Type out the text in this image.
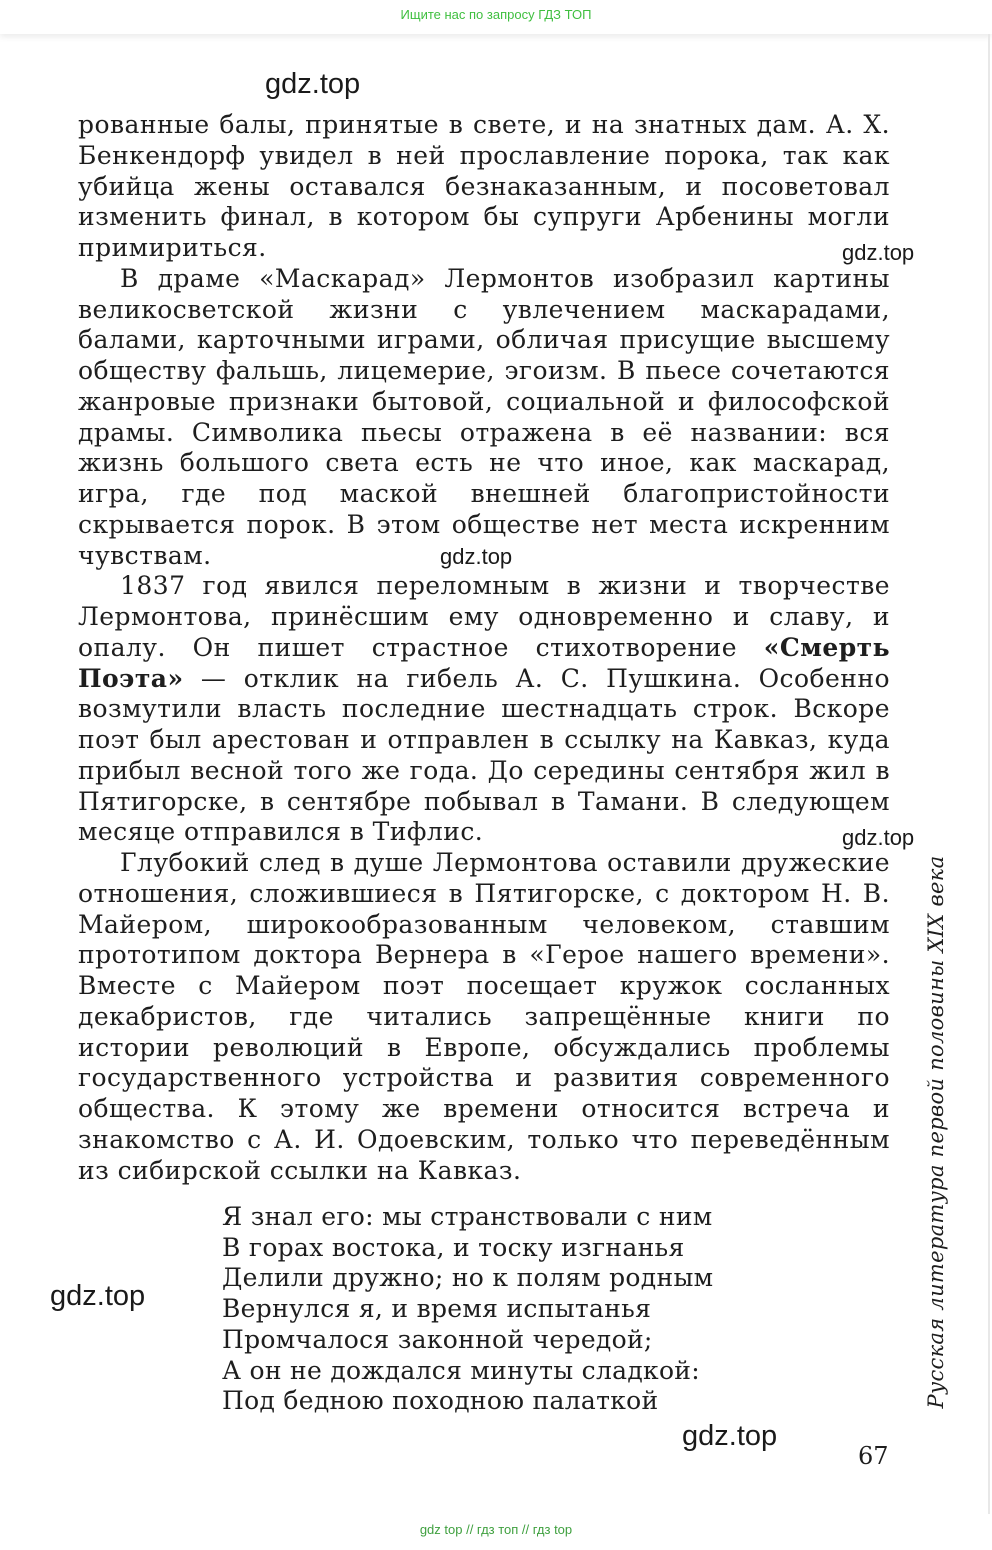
Ищите нас по запросу ГДЗ ТОП
gdz.top
gdz.top
gdz.top
gdz.top
gdz.top
gdz.top

рованные балы, принятые в свете, и на знатных дам. А. Х. Бенкендорф увидел в ней прославление порока, так как убийца жены оставался безнаказанным, и посоветовал изменить финал, в котором бы супруги Арбенины могли примириться.

В драме «Маскарад» Лермонтов изобразил картины великосветской жизни с увлечением маскарадами, балами, карточными играми, обличая присущие высшему обществу фальшь, лицемерие, эгоизм. В пьесе сочетаются жанровые признаки бытовой, социальной и философской драмы. Символика пьесы отражена в её названии: вся жизнь большого света есть не что иное, как маскарад, игра, где под маской внешней благопристойности скрывается порок. В этом обществе нет места искренним чувствам.

1837 год явился переломным в жизни и творчестве Лермонтова, принёсшим ему одновременно и славу, и опалу. Он пишет страстное стихотворение «Смерть Поэта» — отклик на гибель А. С. Пушкина. Особенно возмутили власть последние шестнадцать строк. Вскоре поэт был арестован и отправлен в ссылку на Кавказ, куда прибыл весной того же года. До середины сентября жил в Пятигорске, в сентябре побывал в Тамани. В следующем месяце отправился в Тифлис.

Глубокий след в душе Лермонтова оставили дружеские отношения, сложившиеся в Пятигорске, с доктором Н. В. Майером, широкообразованным человеком, ставшим прототипом доктора Вернера в «Герое нашего времени». Вместе с Майером поэт посещает кружок сосланных декабристов, где читались запрещённые книги по истории революций в Европе, обсуждались проблемы государственного устройства и развития современного общества. К этому же времени относится встреча и знакомство с А. И. Одоевским, только что переведённым из сибирской ссылки на Кавказ.

Я знал его: мы странствовали с ним
В горах востока, и тоску изгнанья
Делили дружно; но к полям родным
Вернулся я, и время испытанья
Промчалося законной чередой;
А он не дождался минуты сладкой:
Под бедною походною палаткой	Русская литература первой половины XIX века
67
gdz top // гдз топ // гдз top
